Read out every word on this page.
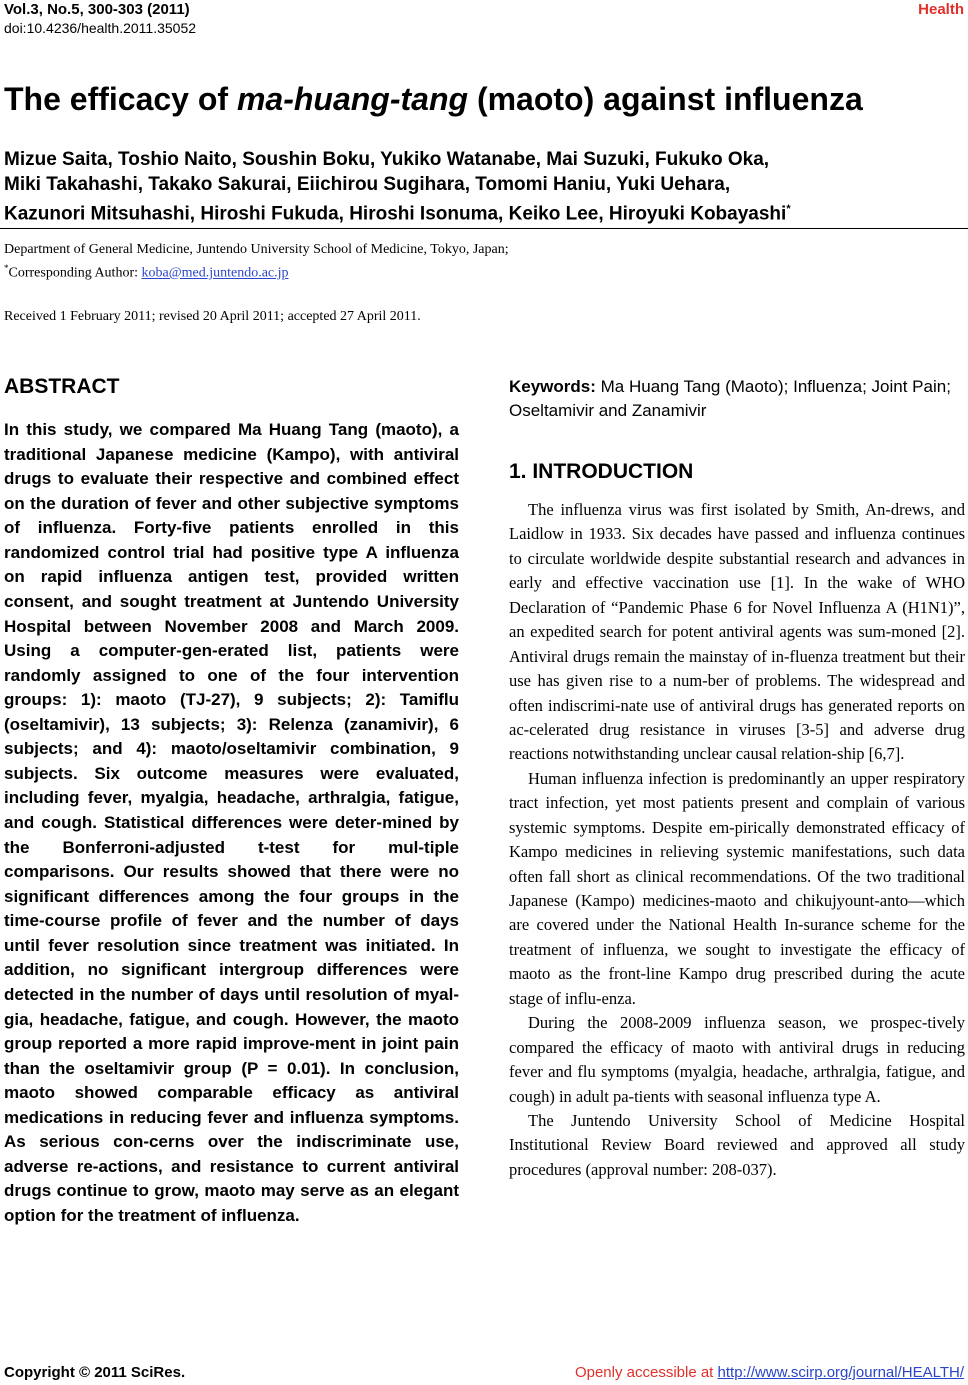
Vol.3, No.5, 300-303 (2011)
doi:10.4236/health.2011.35052
Health
The efficacy of ma-huang-tang (maoto) against influenza
Mizue Saita, Toshio Naito, Soushin Boku, Yukiko Watanabe, Mai Suzuki, Fukuko Oka,
Miki Takahashi, Takako Sakurai, Eiichirou Sugihara, Tomomi Haniu, Yuki Uehara,
Kazunori Mitsuhashi, Hiroshi Fukuda, Hiroshi Isonuma, Keiko Lee, Hiroyuki Kobayashi*
Department of General Medicine, Juntendo University School of Medicine, Tokyo, Japan;
*Corresponding Author: koba@med.juntendo.ac.jp
Received 1 February 2011; revised 20 April 2011; accepted 27 April 2011.
ABSTRACT

In this study, we compared Ma Huang Tang (maoto), a traditional Japanese medicine (Kampo), with antiviral drugs to evaluate their respective and combined effect on the duration of fever and other subjective symptoms of influenza. Forty-five patients enrolled in this randomized control trial had positive type A influenza on rapid influenza antigen test, provided written consent, and sought treatment at Juntendo University Hospital between November 2008 and March 2009. Using a computer-gen-erated list, patients were randomly assigned to one of the four intervention groups: 1): maoto (TJ-27), 9 subjects; 2): Tamiflu (oseltamivir), 13 subjects; 3): Relenza (zanamivir), 6 subjects; and 4): maoto/oseltamivir combination, 9 subjects. Six outcome measures were evaluated, including fever, myalgia, headache, arthralgia, fatigue, and cough. Statistical differences were deter-mined by the Bonferroni-adjusted t-test for mul-tiple comparisons. Our results showed that there were no significant differences among the four groups in the time-course profile of fever and the number of days until fever resolution since treatment was initiated. In addition, no significant intergroup differences were detected in the number of days until resolution of myal-gia, headache, fatigue, and cough. However, the maoto group reported a more rapid improve-ment in joint pain than the oseltamivir group (P = 0.01). In conclusion, maoto showed comparable efficacy as antiviral medications in reducing fever and influenza symptoms. As serious con-cerns over the indiscriminate use, adverse re-actions, and resistance to current antiviral drugs continue to grow, maoto may serve as an elegant option for the treatment of influenza.

Keywords: Ma Huang Tang (Maoto); Influenza; Joint Pain; Oseltamivir and Zanamivir

1. INTRODUCTION

The influenza virus was first isolated by Smith, An-drews, and Laidlow in 1933. Six decades have passed and influenza continues to circulate worldwide despite substantial research and advances in early and effective vaccination use [1]. In the wake of WHO Declaration of “Pandemic Phase 6 for Novel Influenza A (H1N1)”, an expedited search for potent antiviral agents was sum-moned [2]. Antiviral drugs remain the mainstay of in-fluenza treatment but their use has given rise to a num-ber of problems. The widespread and often indiscrimi-nate use of antiviral drugs has generated reports on ac-celerated drug resistance in viruses [3-5] and adverse drug reactions notwithstanding unclear causal relation-ship [6,7].

Human influenza infection is predominantly an upper respiratory tract infection, yet most patients present and complain of various systemic symptoms. Despite em-pirically demonstrated efficacy of Kampo medicines in relieving systemic manifestations, such data often fall short as clinical recommendations. Of the two traditional Japanese (Kampo) medicines-maoto and chikujyount-anto—which are covered under the National Health In-surance scheme for the treatment of influenza, we sought to investigate the efficacy of maoto as the front-line Kampo drug prescribed during the acute stage of influ-enza.

During the 2008-2009 influenza season, we prospec-tively compared the efficacy of maoto with antiviral drugs in reducing fever and flu symptoms (myalgia, headache, arthralgia, fatigue, and cough) in adult pa-tients with seasonal influenza type A.

The Juntendo University School of Medicine Hospital Institutional Review Board reviewed and approved all study procedures (approval number: 208-037).

Copyright © 2011 SciRes.	Openly accessible at http://www.scirp.org/journal/HEALTH/
